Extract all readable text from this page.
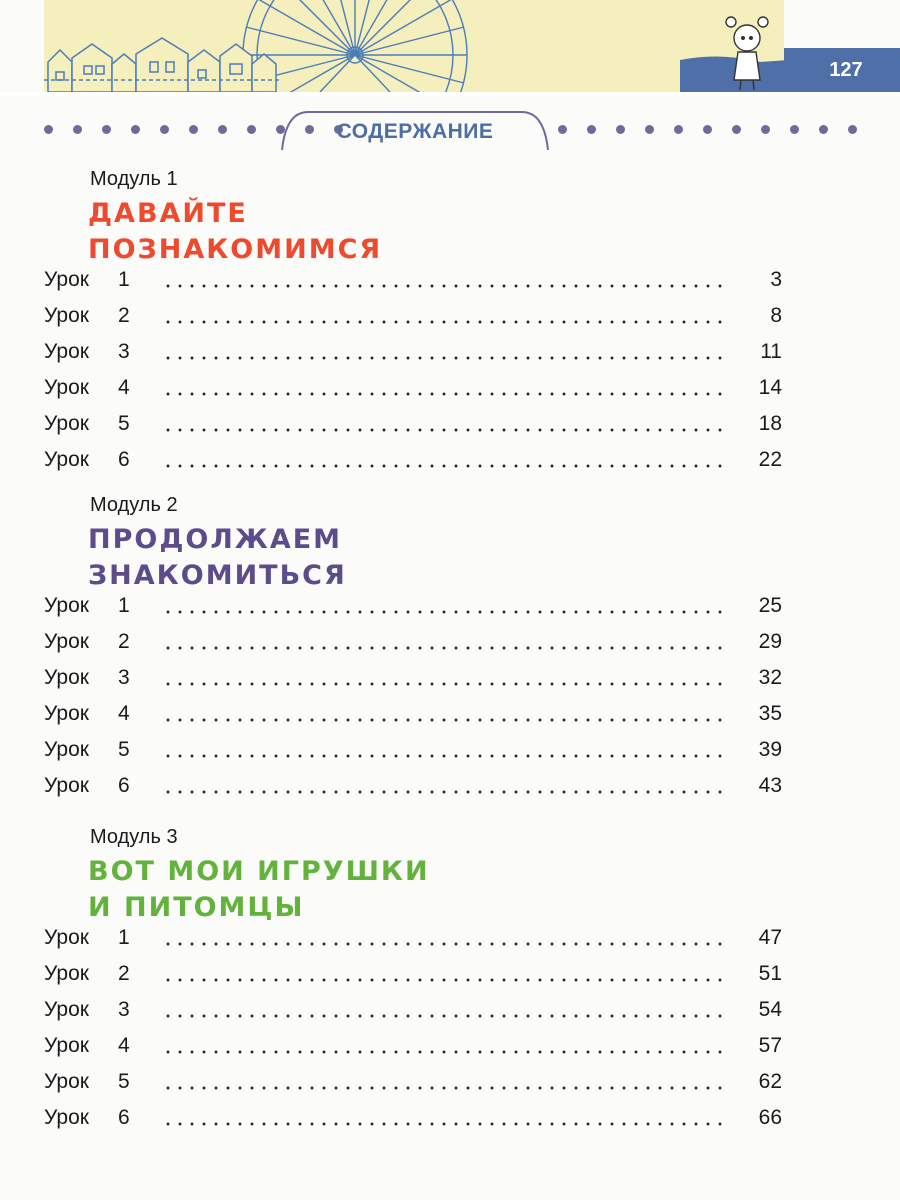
127
СОДЕРЖАНИЕ
Модуль 1
ДАВАЙТЕ
ПОЗНАКОМИМСЯ
Урок 1	3
Урок 2	8
Урок 3	11
Урок 4	14
Урок 5	18
Урок 6	22
Модуль 2
ПРОДОЛЖАЕМ
ЗНАКОМИТЬСЯ
Урок 1	25
Урок 2	29
Урок 3	32
Урок 4	35
Урок 5	39
Урок 6	43
Модуль 3
ВОТ МОИ ИГРУШКИ
И ПИТОМЦЫ
Урок 1	47
Урок 2	51
Урок 3	54
Урок 4	57
Урок 5	62
Урок 6	66
